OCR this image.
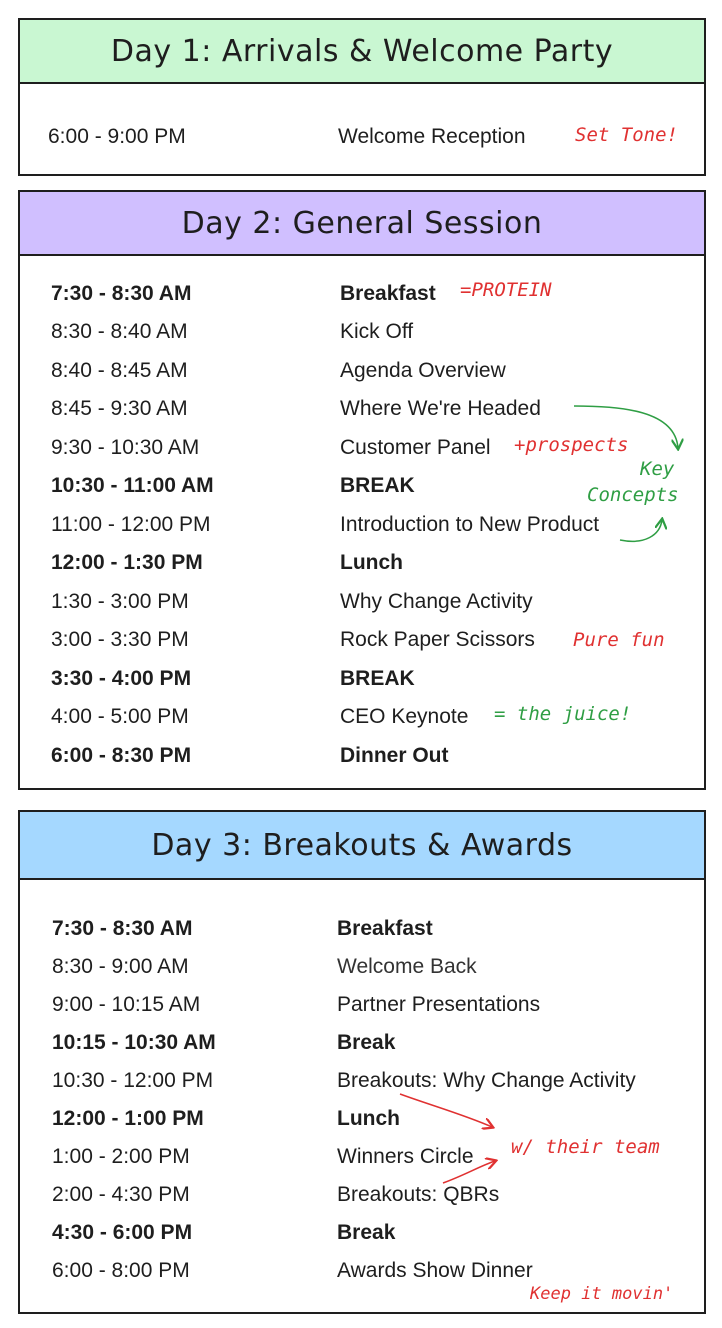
Day 1: Arrivals & Welcome Party
6:00 - 9:00 PM	Welcome Reception
Day 2: General Session
7:30 - 8:30 AM	Breakfast
8:30 - 8:40 AM	Kick Off
8:40 - 8:45 AM	Agenda Overview
8:45 - 9:30 AM	Where We're Headed
9:30 - 10:30 AM	Customer Panel
10:30 - 11:00 AM	BREAK
11:00 - 12:00 PM	Introduction to New Product
12:00 - 1:30 PM	Lunch
1:30 - 3:00 PM	Why Change Activity
3:00 - 3:30 PM	Rock Paper Scissors
3:30 - 4:00 PM	BREAK
4:00 - 5:00 PM	CEO Keynote
6:00 - 8:30 PM	Dinner Out
Day 3: Breakouts & Awards
7:30 - 8:30 AM	Breakfast
8:30 - 9:00 AM	Welcome Back
9:00 - 10:15 AM	Partner Presentations
10:15 - 10:30 AM	Break
10:30 - 12:00 PM	Breakouts: Why Change Activity
12:00 - 1:00 PM	Lunch
1:00 - 2:00 PM	Winners Circle
2:00 - 4:30 PM	Breakouts: QBRs
4:30 - 6:00 PM	Break
6:00 - 8:00 PM	Awards Show Dinner
Set Tone!
=PROTEIN
+prospects
Key
Concepts
Pure fun
= the juice!
w/ their team
Keep it movin'
